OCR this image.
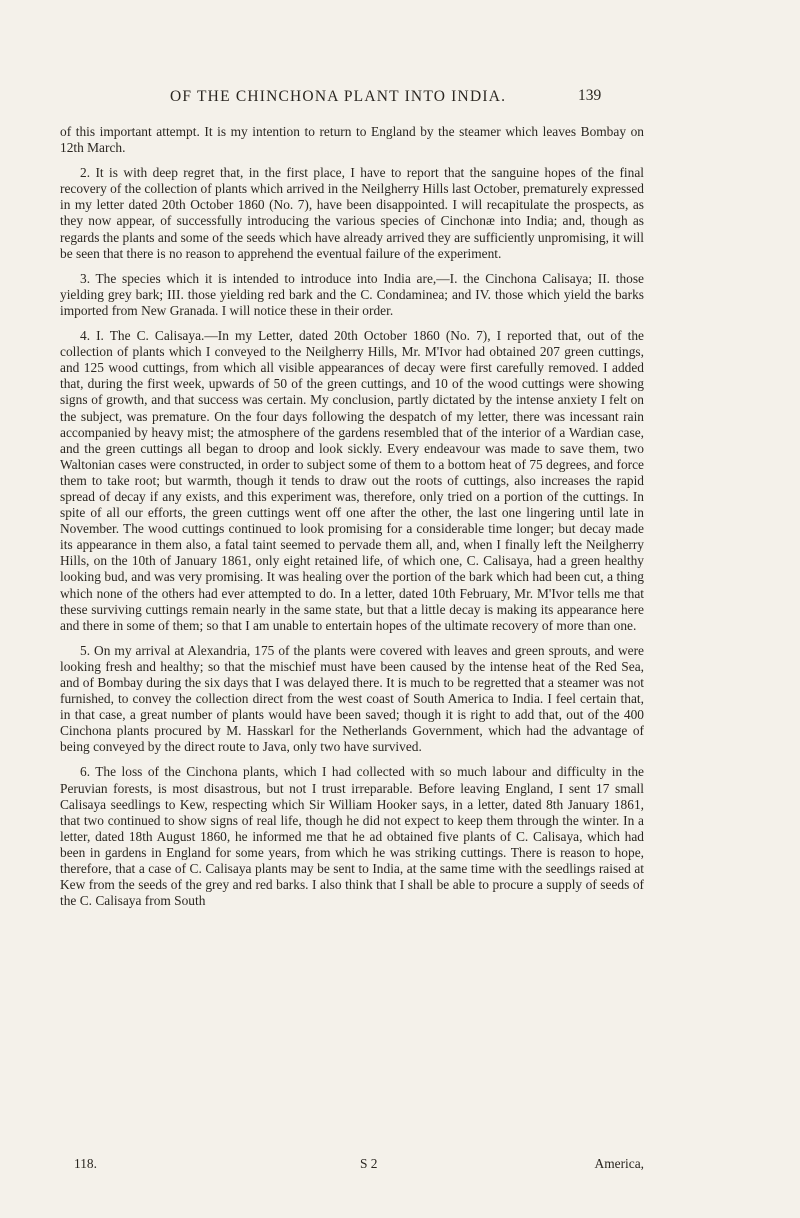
OF THE CHINCHONA PLANT INTO INDIA.	139

of this important attempt. It is my intention to return to England by the steamer which leaves Bombay on 12th March.

2. It is with deep regret that, in the first place, I have to report that the sanguine hopes of the final recovery of the collection of plants which arrived in the Neilgherry Hills last October, prematurely expressed in my letter dated 20th October 1860 (No. 7), have been disappointed. I will recapitulate the prospects, as they now appear, of successfully introducing the various species of Cinchonæ into India; and, though as regards the plants and some of the seeds which have already arrived they are sufficiently unpromising, it will be seen that there is no reason to apprehend the eventual failure of the experiment.

3. The species which it is intended to introduce into India are,—I. the Cinchona Calisaya; II. those yielding grey bark; III. those yielding red bark and the C. Condaminea; and IV. those which yield the barks imported from New Granada. I will notice these in their order.

4. I. The C. Calisaya.—In my Letter, dated 20th October 1860 (No. 7), I reported that, out of the collection of plants which I conveyed to the Neilgherry Hills, Mr. M'Ivor had obtained 207 green cuttings, and 125 wood cuttings, from which all visible appearances of decay were first carefully removed. I added that, during the first week, upwards of 50 of the green cuttings, and 10 of the wood cuttings were showing signs of growth, and that success was certain. My conclusion, partly dictated by the intense anxiety I felt on the subject, was premature. On the four days following the despatch of my letter, there was incessant rain accompanied by heavy mist; the atmosphere of the gardens resembled that of the interior of a Wardian case, and the green cuttings all began to droop and look sickly. Every endeavour was made to save them, two Waltonian cases were constructed, in order to subject some of them to a bottom heat of 75 degrees, and force them to take root; but warmth, though it tends to draw out the roots of cuttings, also increases the rapid spread of decay if any exists, and this experiment was, therefore, only tried on a portion of the cuttings. In spite of all our efforts, the green cuttings went off one after the other, the last one lingering until late in November. The wood cuttings continued to look promising for a considerable time longer; but decay made its appearance in them also, a fatal taint seemed to pervade them all, and, when I finally left the Neilgherry Hills, on the 10th of January 1861, only eight retained life, of which one, C. Calisaya, had a green healthy looking bud, and was very promising. It was healing over the portion of the bark which had been cut, a thing which none of the others had ever attempted to do. In a letter, dated 10th February, Mr. M'Ivor tells me that these surviving cuttings remain nearly in the same state, but that a little decay is making its appearance here and there in some of them; so that I am unable to entertain hopes of the ultimate recovery of more than one.

5. On my arrival at Alexandria, 175 of the plants were covered with leaves and green sprouts, and were looking fresh and healthy; so that the mischief must have been caused by the intense heat of the Red Sea, and of Bombay during the six days that I was delayed there. It is much to be regretted that a steamer was not furnished, to convey the collection direct from the west coast of South America to India. I feel certain that, in that case, a great number of plants would have been saved; though it is right to add that, out of the 400 Cinchona plants procured by M. Hasskarl for the Netherlands Government, which had the advantage of being conveyed by the direct route to Java, only two have survived.

6. The loss of the Cinchona plants, which I had collected with so much labour and difficulty in the Peruvian forests, is most disastrous, but not I trust irreparable. Before leaving England, I sent 17 small Calisaya seedlings to Kew, respecting which Sir William Hooker says, in a letter, dated 8th January 1861, that two continued to show signs of real life, though he did not expect to keep them through the winter. In a letter, dated 18th August 1860, he informed me that he ad obtained five plants of C. Calisaya, which had been in gardens in England for some years, from which he was striking cuttings. There is reason to hope, therefore, that a case of C. Calisaya plants may be sent to India, at the same time with the seedlings raised at Kew from the seeds of the grey and red barks. I also think that I shall be able to procure a supply of seeds of the C. Calisaya from South

118.	S 2	America,
